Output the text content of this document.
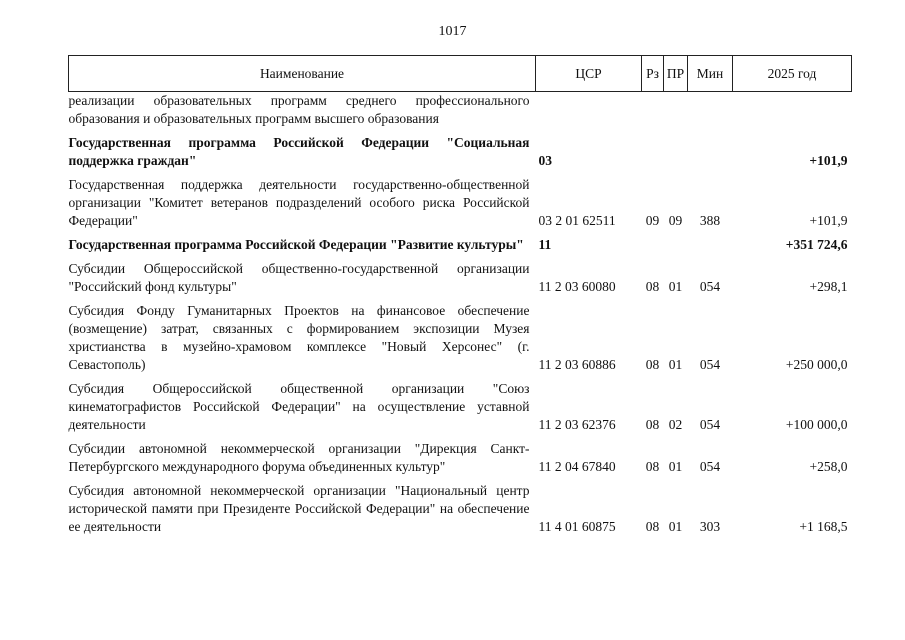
1017
Наименование	ЦСР	Рз	ПР	Мин	2025 год
реализации образовательных программ среднего профессионального образования и образовательных программ высшего образования					
Государственная программа Российской Федерации "Социальная поддержка граждан"	03				+101,9
Государственная поддержка деятельности государственно-общественной организации "Комитет ветеранов подразделений особого риска Российской Федерации"	03 2 01 62511	09	09	388	+101,9
Государственная программа Российской Федерации "Развитие культуры"	11				+351 724,6
Субсидии Общероссийской общественно-государственной организации "Российский фонд культуры"	11 2 03 60080	08	01	054	+298,1
Субсидия Фонду Гуманитарных Проектов на финансовое обеспечение (возмещение) затрат, связанных с формированием экспозиции Музея христианства в музейно-храмовом комплексе "Новый Херсонес" (г. Севастополь)	11 2 03 60886	08	01	054	+250 000,0
Субсидия Общероссийской общественной организации "Союз кинематографистов Российской Федерации" на осуществление уставной деятельности	11 2 03 62376	08	02	054	+100 000,0
Субсидии автономной некоммерческой организации "Дирекция Санкт-Петербургского международного форума объединенных культур"	11 2 04 67840	08	01	054	+258,0
Субсидия автономной некоммерческой организации "Национальный центр исторической памяти при Президенте Российской Федерации" на обеспечение ее деятельности	11 4 01 60875	08	01	303	+1 168,5
